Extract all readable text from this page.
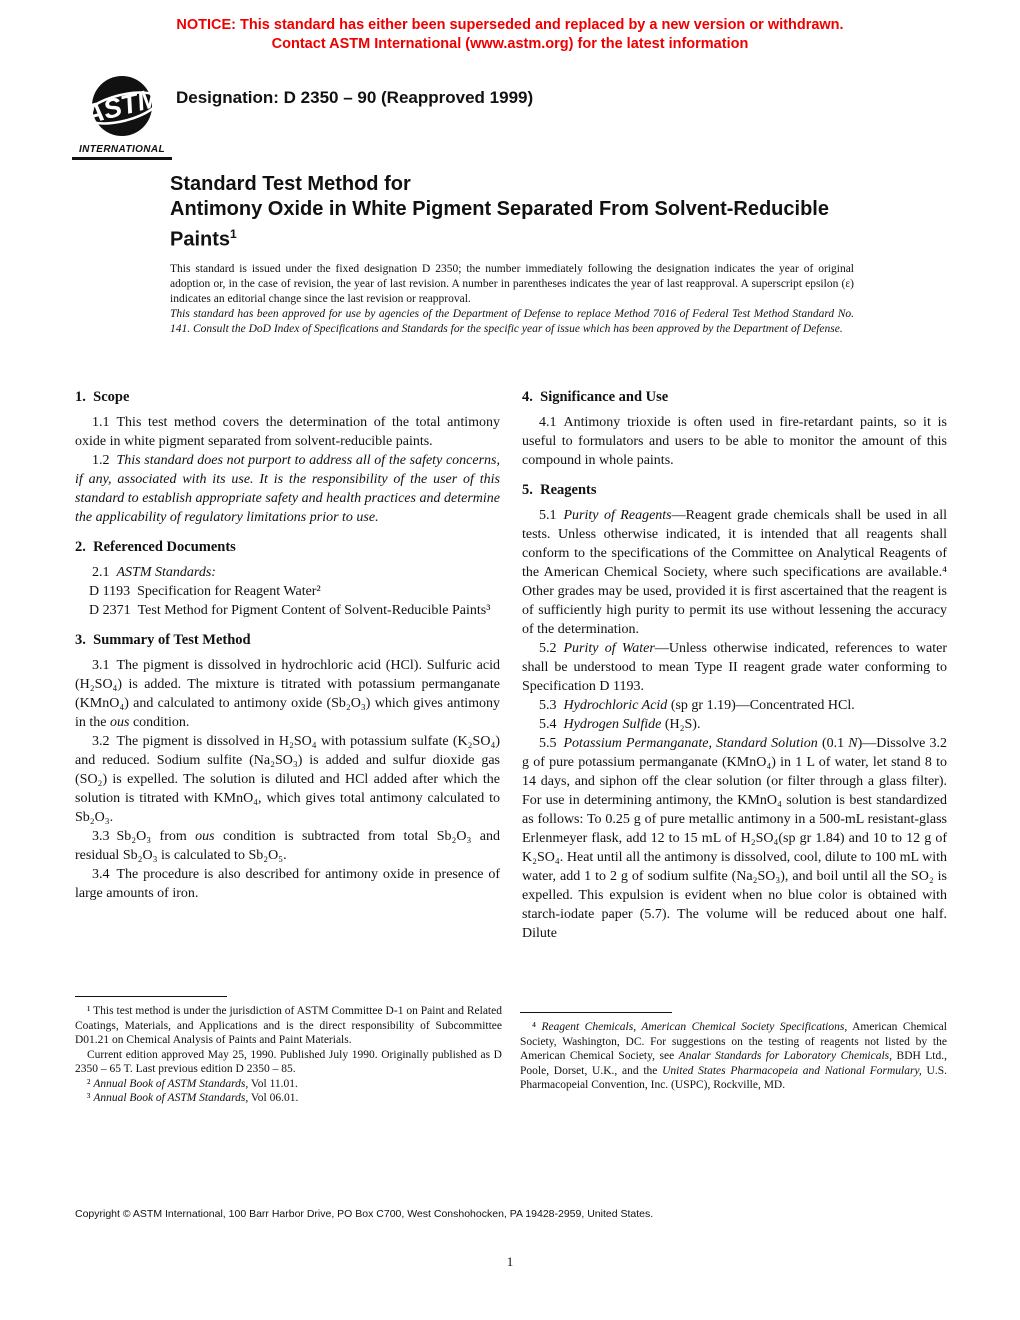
NOTICE: This standard has either been superseded and replaced by a new version or withdrawn.
Contact ASTM International (www.astm.org) for the latest information
ASTM
INTERNATIONAL
Designation: D 2350 – 90 (Reapproved 1999)
Standard Test Method for
Antimony Oxide in White Pigment Separated From Solvent-Reducible Paints$^1$

This standard is issued under the fixed designation D 2350; the number immediately following the designation indicates the year of original adoption or, in the case of revision, the year of last revision. A number in parentheses indicates the year of last reapproval. A superscript epsilon (ε) indicates an editorial change since the last revision or reapproval.

This standard has been approved for use by agencies of the Department of Defense to replace Method 7016 of Federal Test Method Standard No. 141. Consult the DoD Index of Specifications and Standards for the specific year of issue which has been approved by the Department of Defense.

1. Scope

1.1 This test method covers the determination of the total antimony oxide in white pigment separated from solvent-reducible paints.

1.2 This standard does not purport to address all of the safety concerns, if any, associated with its use. It is the responsibility of the user of this standard to establish appropriate safety and health practices and determine the applicability of regulatory limitations prior to use.

2. Referenced Documents

2.1 ASTM Standards:

D 1193 Specification for Reagent Water²

D 2371 Test Method for Pigment Content of Solvent-Reducible Paints³

3. Summary of Test Method

3.1 The pigment is dissolved in hydrochloric acid (HCl). Sulfuric acid (H₂SO₄) is added. The mixture is titrated with potassium permanganate (KMnO₄) and calculated to antimony oxide (Sb₂O₃) which gives antimony in the ous condition.

3.2 The pigment is dissolved in H₂SO₄ with potassium sulfate (K₂SO₄) and reduced. Sodium sulfite (Na₂SO₃) is added and sulfur dioxide gas (SO₂) is expelled. The solution is diluted and HCl added after which the solution is titrated with KMnO₄, which gives total antimony calculated to Sb₂O₃.

3.3 Sb₂O₃ from ous condition is subtracted from total Sb₂O₃ and residual Sb₂O₃ is calculated to Sb₂O₅.

3.4 The procedure is also described for antimony oxide in presence of large amounts of iron.

4. Significance and Use

4.1 Antimony trioxide is often used in fire-retardant paints, so it is useful to formulators and users to be able to monitor the amount of this compound in whole paints.

5. Reagents

5.1 Purity of Reagents—Reagent grade chemicals shall be used in all tests. Unless otherwise indicated, it is intended that all reagents shall conform to the specifications of the Committee on Analytical Reagents of the American Chemical Society, where such specifications are available.⁴ Other grades may be used, provided it is first ascertained that the reagent is of sufficiently high purity to permit its use without lessening the accuracy of the determination.

5.2 Purity of Water—Unless otherwise indicated, references to water shall be understood to mean Type II reagent grade water conforming to Specification D 1193.

5.3 Hydrochloric Acid (sp gr 1.19)—Concentrated HCl.

5.4 Hydrogen Sulfide (H₂S).

5.5 Potassium Permanganate, Standard Solution (0.1 N)—Dissolve 3.2 g of pure potassium permanganate (KMnO₄) in 1 L of water, let stand 8 to 14 days, and siphon off the clear solution (or filter through a glass filter). For use in determining antimony, the KMnO₄ solution is best standardized as follows: To 0.25 g of pure metallic antimony in a 500-mL resistant-glass Erlenmeyer flask, add 12 to 15 mL of H₂SO₄(sp gr 1.84) and 10 to 12 g of K₂SO₄. Heat until all the antimony is dissolved, cool, dilute to 100 mL with water, add 1 to 2 g of sodium sulfite (Na₂SO₃), and boil until all the SO₂ is expelled. This expulsion is evident when no blue color is obtained with starch-iodate paper (5.7). The volume will be reduced about one half. Dilute

¹ This test method is under the jurisdiction of ASTM Committee D-1 on Paint and Related Coatings, Materials, and Applications and is the direct responsibility of Subcommittee D01.21 on Chemical Analysis of Paints and Paint Materials.

Current edition approved May 25, 1990. Published July 1990. Originally published as D 2350 – 65 T. Last previous edition D 2350 – 85.

² Annual Book of ASTM Standards, Vol 11.01.

³ Annual Book of ASTM Standards, Vol 06.01.

⁴ Reagent Chemicals, American Chemical Society Specifications, American Chemical Society, Washington, DC. For suggestions on the testing of reagents not listed by the American Chemical Society, see Analar Standards for Laboratory Chemicals, BDH Ltd., Poole, Dorset, U.K., and the United States Pharmacopeia and National Formulary, U.S. Pharmacopeial Convention, Inc. (USPC), Rockville, MD.

Copyright © ASTM International, 100 Barr Harbor Drive, PO Box C700, West Conshohocken, PA 19428-2959, United States.
1
